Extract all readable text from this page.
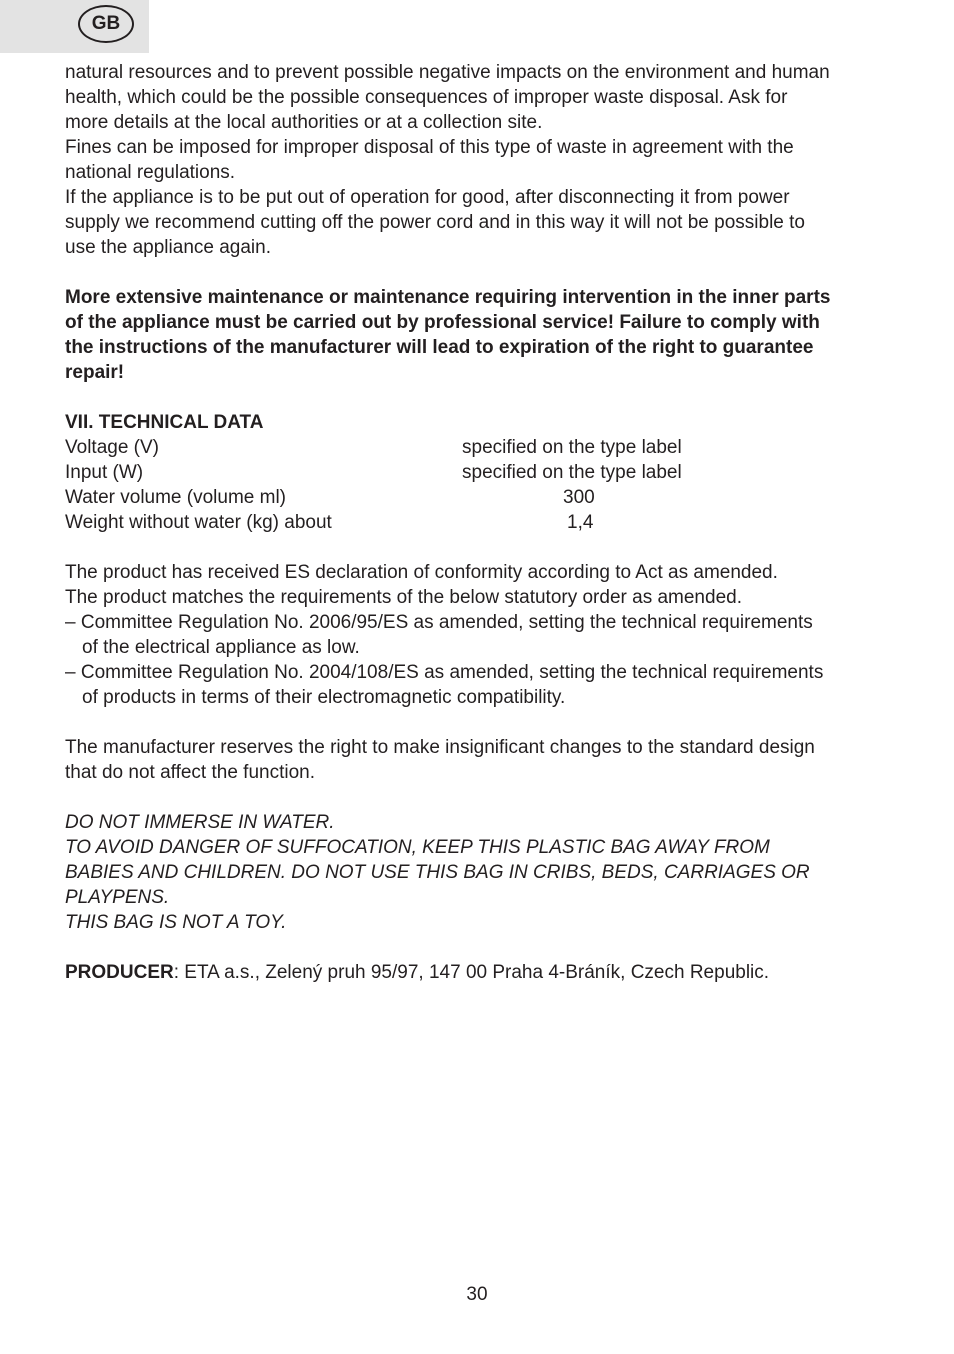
GB
natural resources and to prevent possible negative impacts on the environment and human
health, which could be the possible consequences of improper waste disposal. Ask for
more details at the local authorities or at a collection site.
Fines can be imposed for improper disposal of this type of waste in agreement with the
national regulations.
If the appliance is to be put out of operation for good, after disconnecting it from power
supply we recommend cutting off the power cord and in this way it will not be possible to
use the appliance again.
More extensive maintenance or maintenance requiring intervention in the inner parts
of the appliance must be carried out by professional service! Failure to comply with
the instructions of the manufacturer will lead to expiration of the right to guarantee
repair!
VII. TECHNICAL DATA
Voltage (V)	specified on the type label
Input (W)	specified on the type label
Water volume (volume ml)	300
Weight without water (kg) about	1,4
The product has received ES declaration of conformity according to Act as amended.
The product matches the requirements of the below statutory order as amended.
– Committee Regulation No. 2006/95/ES as amended, setting the technical requirements
of the electrical appliance as low.
– Committee Regulation No. 2004/108/ES as amended, setting the technical requirements
of products in terms of their electromagnetic compatibility.
The manufacturer reserves the right to make insignificant changes to the standard design
that do not affect the function.
DO NOT IMMERSE IN WATER.
TO AVOID DANGER OF SUFFOCATION, KEEP THIS PLASTIC BAG AWAY FROM
BABIES AND CHILDREN. DO NOT USE THIS BAG IN CRIBS, BEDS, CARRIAGES OR
PLAYPENS.
THIS BAG IS NOT A TOY.
PRODUCER: ETA a.s., Zelený pruh 95/97, 147 00 Praha 4-Bráník, Czech Republic.
30
